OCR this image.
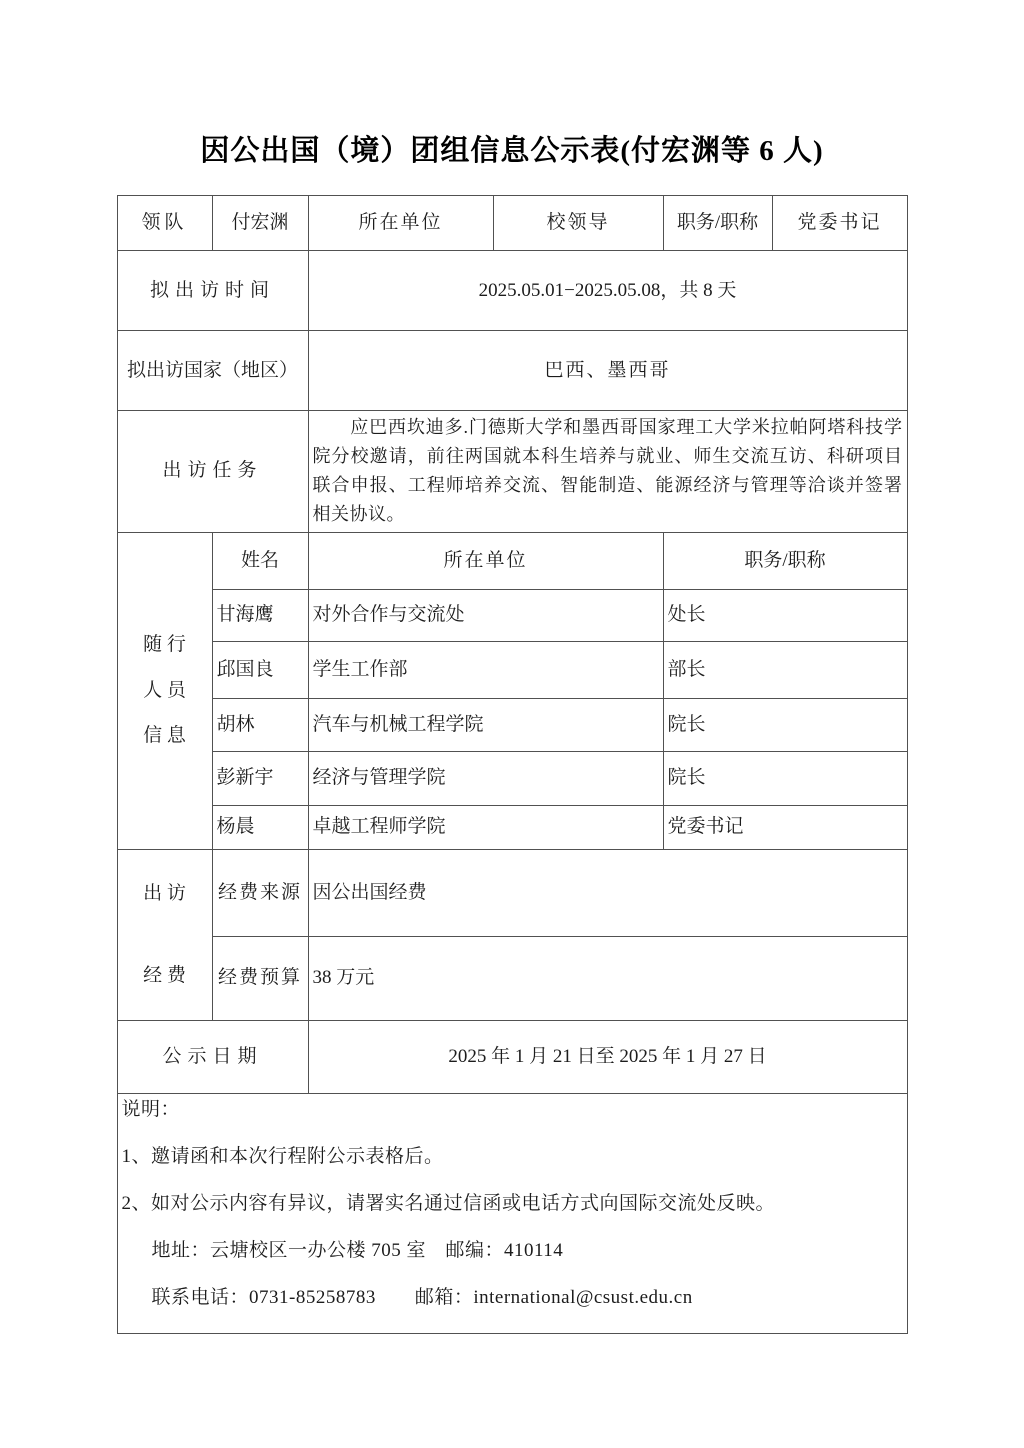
因公出国（境）团组信息公示表(付宏渊等 6 人)
领队	付宏渊	所在单位	校领导	职务/职称	党委书记
拟出访时间		2025.05.01−2025.05.08，共 8 天			
拟出访国家（地区）		巴西、墨西哥			
出访任务		应巴西坎迪多.门德斯大学和墨西哥国家理工大学米拉帕阿塔科技学院分校邀请，前往两国就本科生培养与就业、师生交流互访、科研项目联合申报、工程师培养交流、智能制造、能源经济与管理等洽谈并签署相关协议。			

随 行
人 员
信 息	姓名	所在单位		职务/职称	
	甘海鹰	对外合作与交流处		处长	
	邱国良	学生工作部		部长	
	胡林	汽车与机械工程学院		院长	
	彭新宇	经济与管理学院		院长	
	杨晨	卓越工程师学院		党委书记	

出 访
经 费	经费来源	因公出国经费			
	经费预算	38 万元			
公示日期		2025 年 1 月 21 日至 2025 年 1 月 27 日			

说明：
1、邀请函和本次行程附公示表格后。
2、如对公示内容有异议，请署实名通过信函或电话方式向国际交流处反映。
地址：云塘校区一办公楼 705 室　邮编：410114
联系电话：0731-85258783　　邮箱：international@csust.edu.cn					
